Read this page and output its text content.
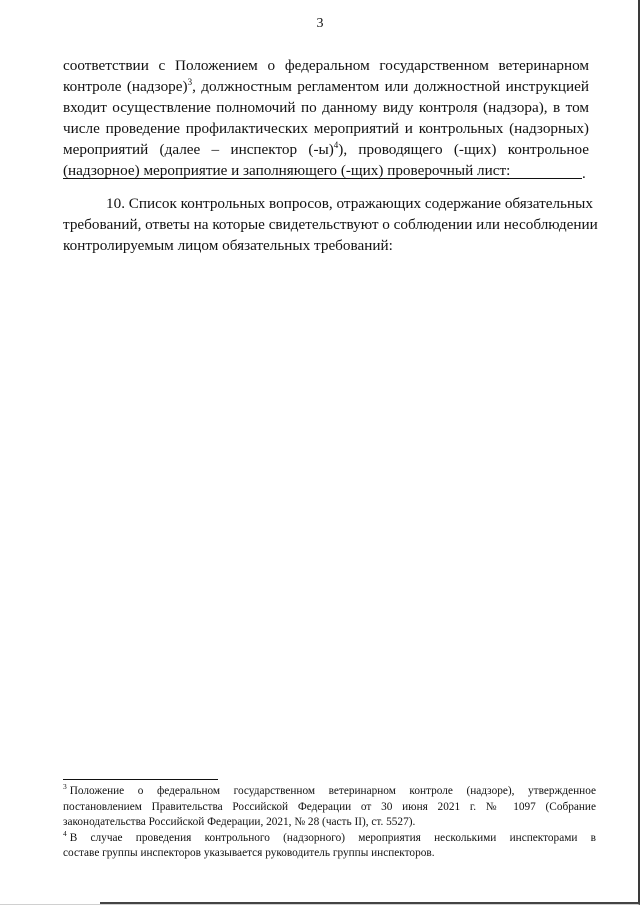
3
соответствии с Положением о федеральном государственном ветеринарном
контроле (надзоре)$^3$, должностным регламентом или должностной инструкцией
входит осуществление полномочий по данному виду контроля (надзора), в том
числе проведение профилактических мероприятий и контрольных (надзорных)
мероприятий (далее – инспектор $(-ы)^4$), проводящего (-щих) контрольное
(надзорное) мероприятие и заполняющего (-щих) проверочный лист:	.
10. Список контрольных вопросов, отражающих содержание обязательных
требований, ответы на которые свидетельствуют о соблюдении или несоблюдении
контролируемым лицом обязательных требований:
$^3$ Положение о федеральном государственном ветеринарном контроле (надзоре), утвержденное
постановлением Правительства Российской Федерации от 30 июня 2021 г. № 1097 (Собрание
законодательства Российской Федерации, 2021, № 28 (часть II), ст. 5527).
$^4$ В случае проведения контрольного (надзорного) мероприятия несколькими инспекторами в
составе группы инспекторов указывается руководитель группы инспекторов.
